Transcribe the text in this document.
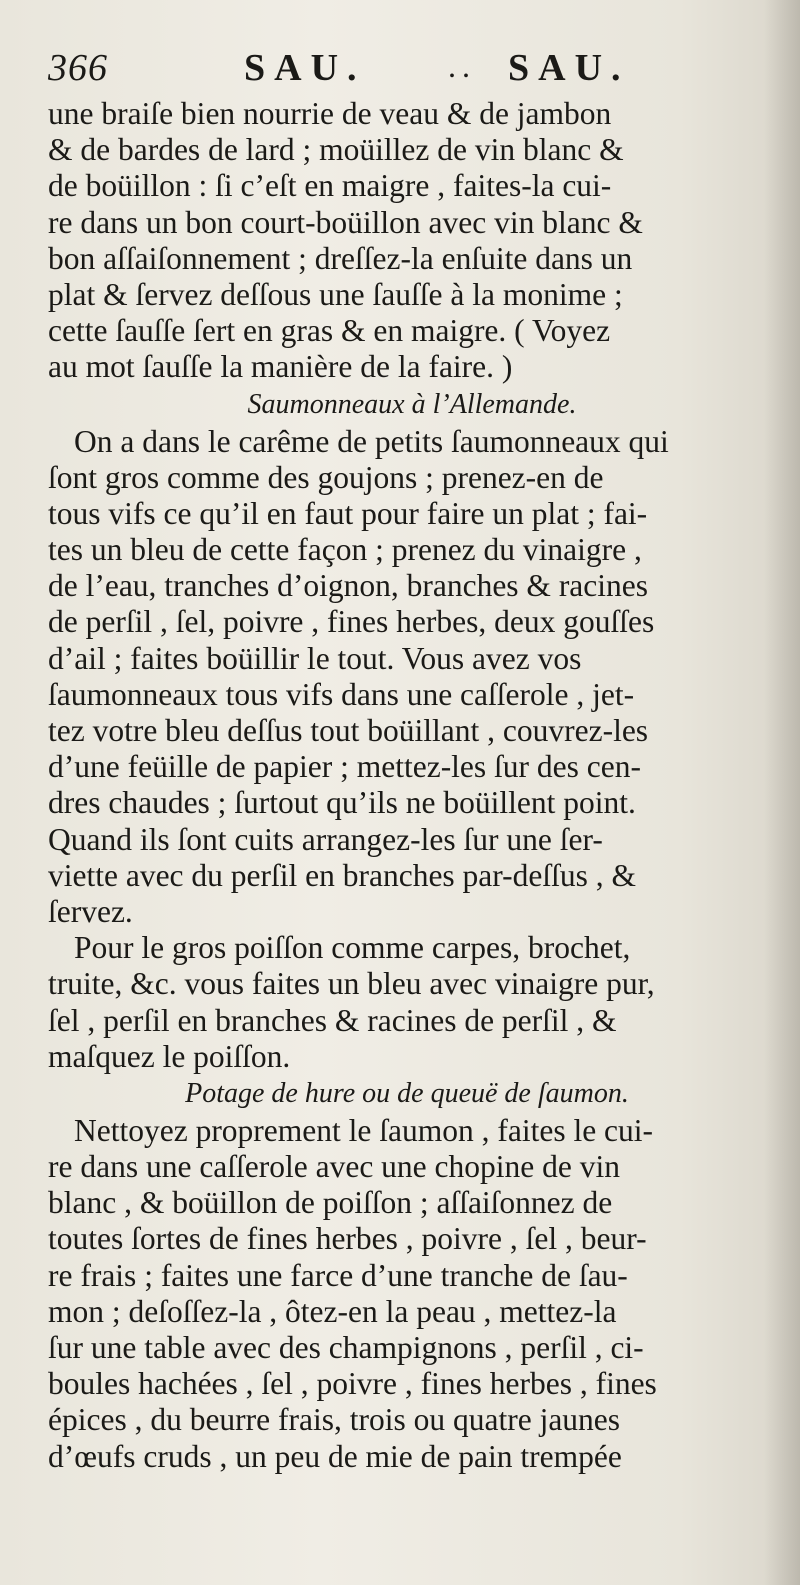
366	SAU.	.. SAU.
une braiſe bien nourrie de veau & de jambon
& de bardes de lard ; moüillez de vin blanc &
de boüillon : ſi c’eſt en maigre , faites-la cui-
re dans un bon court-boüillon avec vin blanc &
bon aſſaiſonnement ; dreſſez-la enſuite dans un
plat & ſervez deſſous une ſauſſe à la monime ;
cette ſauſſe ſert en gras & en maigre. ( Voyez
au mot ſauſſe la manière de la faire. )
Saumonneaux à l’Allemande.
On a dans le carême de petits ſaumonneaux qui
ſont gros comme des goujons ; prenez-en de
tous vifs ce qu’il en faut pour faire un plat ; fai-
tes un bleu de cette façon ; prenez du vinaigre ,
de l’eau, tranches d’oignon, branches & racines
de perſil , ſel, poivre , fines herbes, deux gouſſes
d’ail ; faites boüillir le tout. Vous avez vos
ſaumonneaux tous vifs dans une caſſerole , jet-
tez votre bleu deſſus tout boüillant , couvrez-les
d’une feüille de papier ; mettez-les ſur des cen-
dres chaudes ; ſurtout qu’ils ne boüillent point.
Quand ils ſont cuits arrangez-les ſur une ſer-
viette avec du perſil en branches par-deſſus , &
ſervez.
Pour le gros poiſſon comme carpes, brochet,
truite, &c. vous faites un bleu avec vinaigre pur,
ſel , perſil en branches & racines de perſil , &
maſquez le poiſſon.
Potage de hure ou de queuë de ſaumon.
Nettoyez proprement le ſaumon , faites le cui-
re dans une caſſerole avec une chopine de vin
blanc , & boüillon de poiſſon ; aſſaiſonnez de
toutes ſortes de fines herbes , poivre , ſel , beur-
re frais ; faites une farce d’une tranche de ſau-
mon ; deſoſſez-la , ôtez-en la peau , mettez-la
ſur une table avec des champignons , perſil , ci-
boules hachées , ſel , poivre , fines herbes , fines
épices , du beurre frais, trois ou quatre jaunes
d’œufs cruds , un peu de mie de pain trempée
